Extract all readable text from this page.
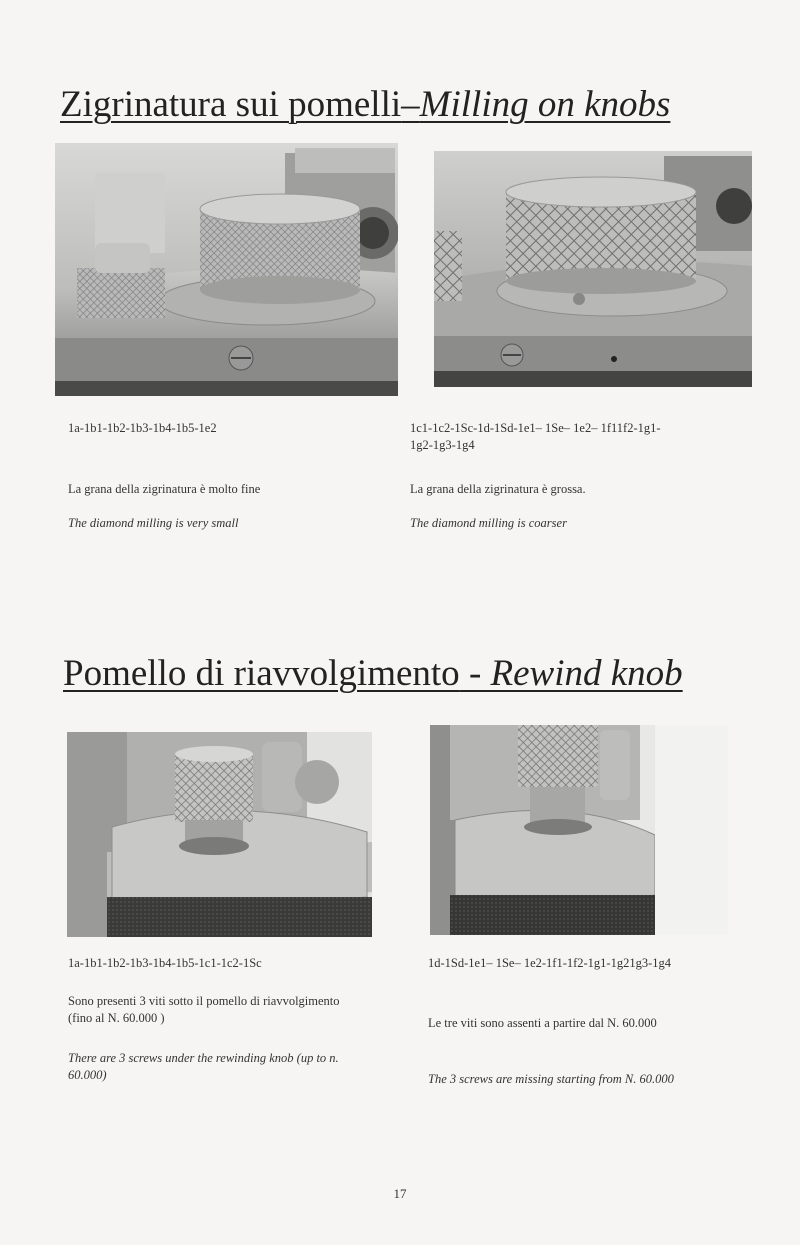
Zigrinatura sui pomelli–Milling on knobs

1a-1b1-1b2-1b3-1b4-1b5-1e2

La grana della zigrinatura è molto fine

The diamond milling is very small

1c1-1c2-1Sc-1d-1Sd-1e1– 1Se– 1e2– 1f11f2-1g1-1g2-1g3-1g4

La grana della zigrinatura è grossa.

The diamond milling is coarser

Pomello di riavvolgimento - Rewind knob

1a-1b1-1b2-1b3-1b4-1b5-1c1-1c2-1Sc

Sono presenti 3 viti sotto il pomello di riavvolgimento (fino al N. 60.000 )

There are 3 screws under the rewinding knob (up to n. 60.000)

1d-1Sd-1e1– 1Se– 1e2-1f1-1f2-1g1-1g21g3-1g4

Le tre viti sono assenti a partire dal N. 60.000

The 3 screws are missing starting from N. 60.000

17
